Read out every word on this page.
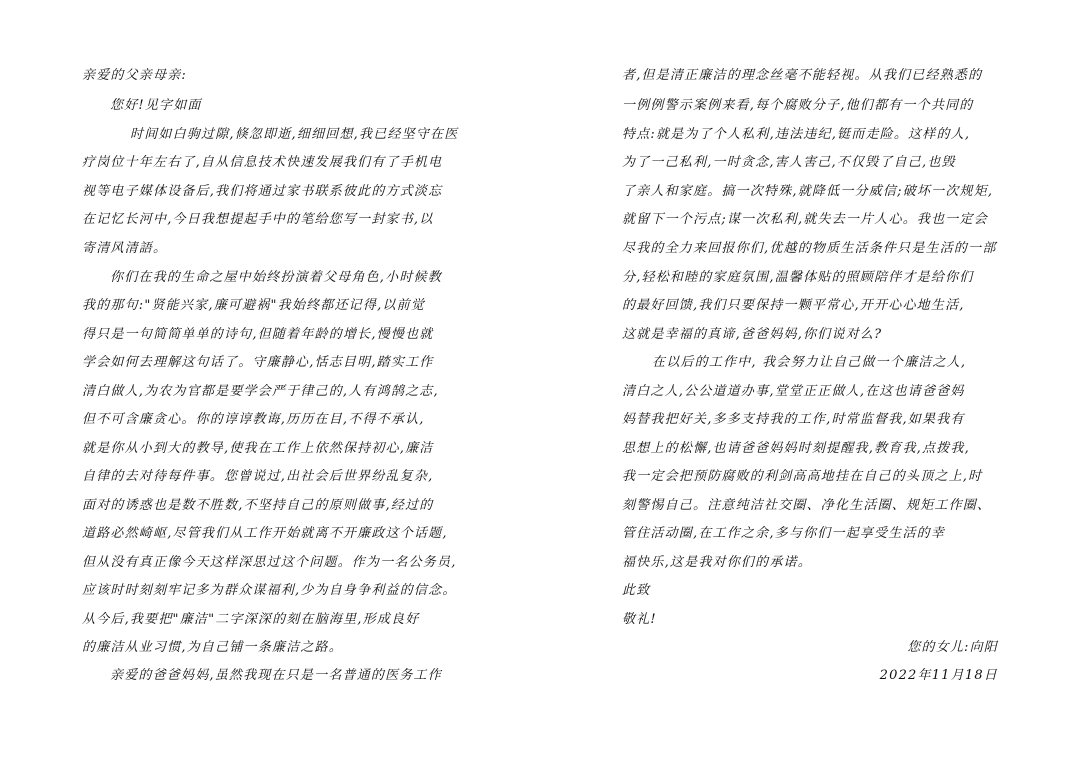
亲爱的父亲母亲:
您好!见字如面
时间如白驹过隙,倏忽即逝,细细回想,我已经坚守在医
疗岗位十年左右了,自从信息技术快速发展我们有了手机电
视等电子媒体设备后,我们将通过家书联系彼此的方式淡忘
在记忆长河中,今日我想提起手中的笔给您写一封家书,以
寄清风清語。
你们在我的生命之屋中始终扮演着父母角色,小时候教
我的那句:"贤能兴家,廉可避祸"我始终都还记得,以前觉
得只是一句简简单单的诗句,但随着年龄的增长,慢慢也就
学会如何去理解这句话了。守廉静心,恬志目明,踏实工作
清白做人,为农为官都是要学会严于律己的,人有鸿鹄之志,
但不可含廉贪心。你的谆谆教诲,历历在目,不得不承认,
就是你从小到大的教导,使我在工作上依然保持初心,廉洁
自律的去对待每件事。您曾说过,出社会后世界纷乱复杂,
面对的诱惑也是数不胜数,不坚持自己的原则做事,经过的
道路必然崎岖,尽管我们从工作开始就离不开廉政这个话题,
但从没有真正像今天这样深思过这个问题。作为一名公务员,
应该时时刻刻牢记多为群众谋福利,少为自身争利益的信念。
从今后,我要把"廉洁"二字深深的刻在脑海里,形成良好
的廉洁从业习惯,为自己铺一条廉洁之路。
亲爱的爸爸妈妈,虽然我现在只是一名普通的医务工作
者,但是清正廉洁的理念丝毫不能轻视。从我们已经熟悉的
一例例警示案例来看,每个腐败分子,他们都有一个共同的
特点:就是为了个人私利,违法违纪,铤而走险。这样的人,
为了一己私利,一时贪念,害人害己,不仅毁了自己,也毁
了亲人和家庭。搞一次特殊,就降低一分威信;破坏一次规矩,
就留下一个污点;谋一次私利,就失去一片人心。我也一定会
尽我的全力来回报你们,优越的物质生活条件只是生活的一部
分,轻松和睦的家庭氛围,温馨体贴的照顾陪伴才是给你们
的最好回馈,我们只要保持一颗平常心,开开心心地生活,
这就是幸福的真谛,爸爸妈妈,你们说对么?
在以后的工作中, 我会努力让自己做一个廉洁之人,
清白之人,公公道道办事,堂堂正正做人,在这也请爸爸妈
妈替我把好关,多多支持我的工作,时常监督我,如果我有
思想上的松懈,也请爸爸妈妈时刻提醒我,教育我,点拨我,
我一定会把预防腐败的利剑高高地挂在自己的头顶之上,时
刻警惕自己。注意纯洁社交圈、净化生活圈、规矩工作圈、
管住活动圈,在工作之余,多与你们一起享受生活的幸
福快乐,这是我对你们的承诺。
此致
敬礼!
您的女儿:向阳
2022年11月18日
